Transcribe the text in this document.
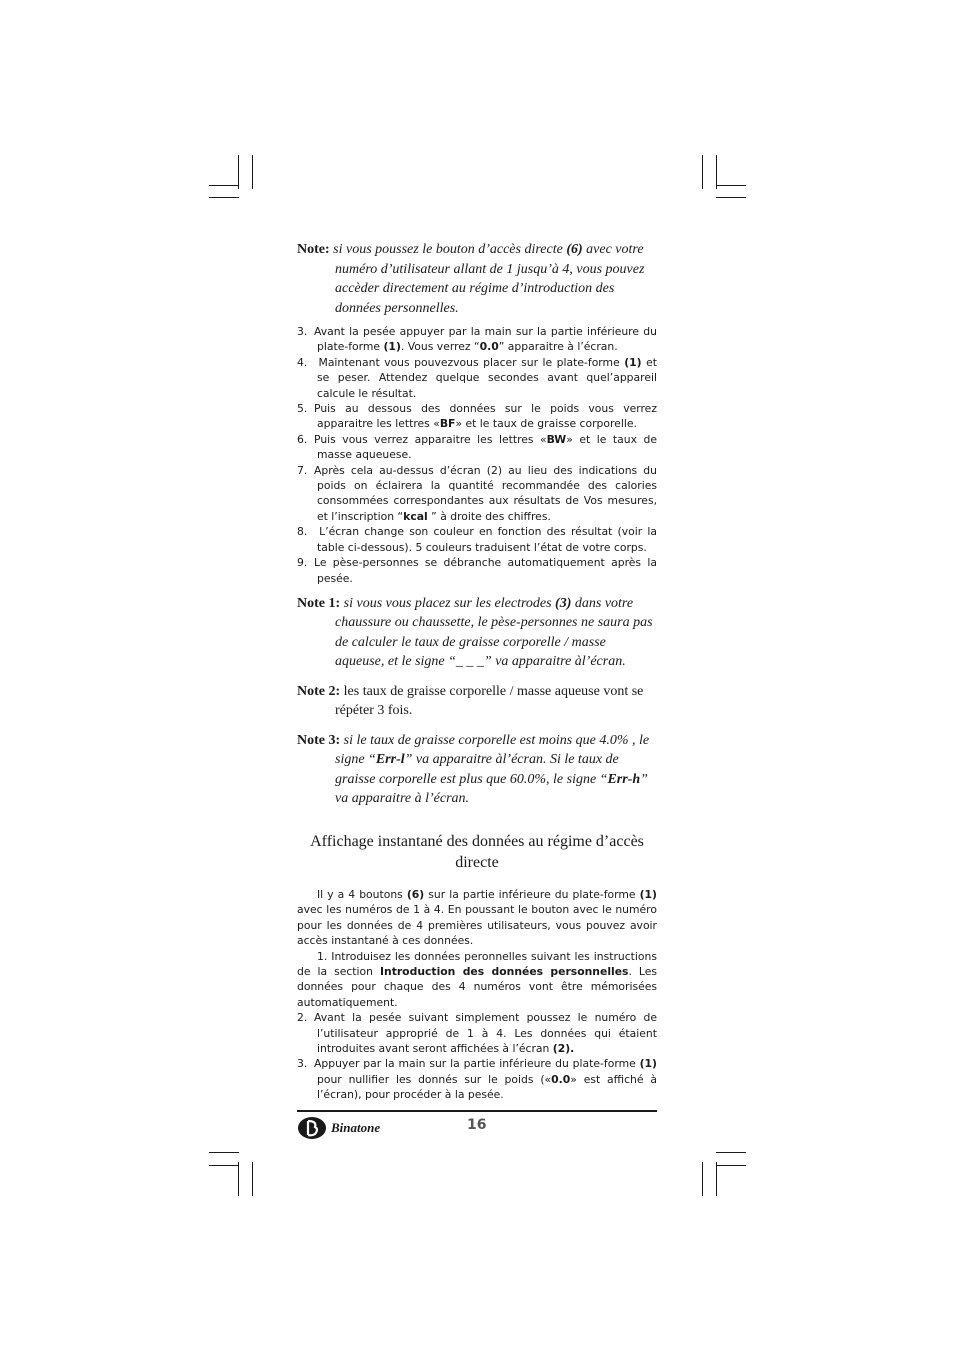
Note: si vous poussez le bouton d’accès directe (6) avec votre numéro d’utilisateur allant de 1 jusqu’à 4, vous pouvez accèder directement au régime d’introduction des données personnelles.

3. Avant la pesée appuyer par la main sur la partie inférieure du plate-forme (1). Vous verrez “0.0” apparaitre à l’écran.
4. Maintenant vous pouvezvous placer sur le plate-forme (1) et se peser. Attendez quelque secondes avant quel’appareil calcule le résultat.
5. Puis au dessous des données sur le poids vous verrez apparaitre les lettres «BF» et le taux de graisse corporelle.
6. Puis vous verrez apparaitre les lettres «BW» et le taux de masse aqueuese.
7. Après cela au-dessus d’écran (2) au lieu des indications du poids on éclairera la quantité recommandée des calories consommées correspondantes aux résultats de Vos mesures, et l’inscription “kcal ” à droite des chiffres.
8. L’écran change son couleur en fonction des résultat (voir la table ci-dessous). 5 couleurs traduisent l’état de votre corps.
9. Le pèse-personnes se débranche automatiquement après la pesée.

Note 1: si vous vous placez sur les electrodes (3) dans votre chaussure ou chaussette, le pèse-personnes ne saura pas de calculer le taux de graisse corporelle / masse aqueuse, et le signe “_ _ _” va apparaitre àl’écran.

Note 2: les taux de graisse corporelle / masse aqueuse vont se répéter 3 fois.

Note 3: si le taux de graisse corporelle est moins que 4.0% , le signe “Err-l” va apparaitre àl’écran. Si le taux de graisse corporelle est plus que 60.0%, le signe “Err-h” va apparaitre à l’écran.

Affichage instantané des données au régime d’accès directe

Il y a 4 boutons (6) sur la partie inférieure du plate-forme (1) avec les numéros de 1 à 4. En poussant le bouton avec le numéro pour les données de 4 premières utilisateurs, vous pouvez avoir accès instantané à ces données.

1. Introduisez les données peronnelles suivant les instructions de la section Introduction des données personnelles. Les données pour chaque des 4 numéros vont être mémorisées automatiquement.

2. Avant la pesée suivant simplement poussez le numéro de l’utilisateur approprié de 1 à 4. Les données qui étaient introduites avant seront affichées à l’écran (2).
3. Appuyer par la main sur la partie inférieure du plate-forme (1) pour nullifier les donnés sur le poids («0.0» est affiché à l’écran), pour procéder à la pesée.
Binatone	16
